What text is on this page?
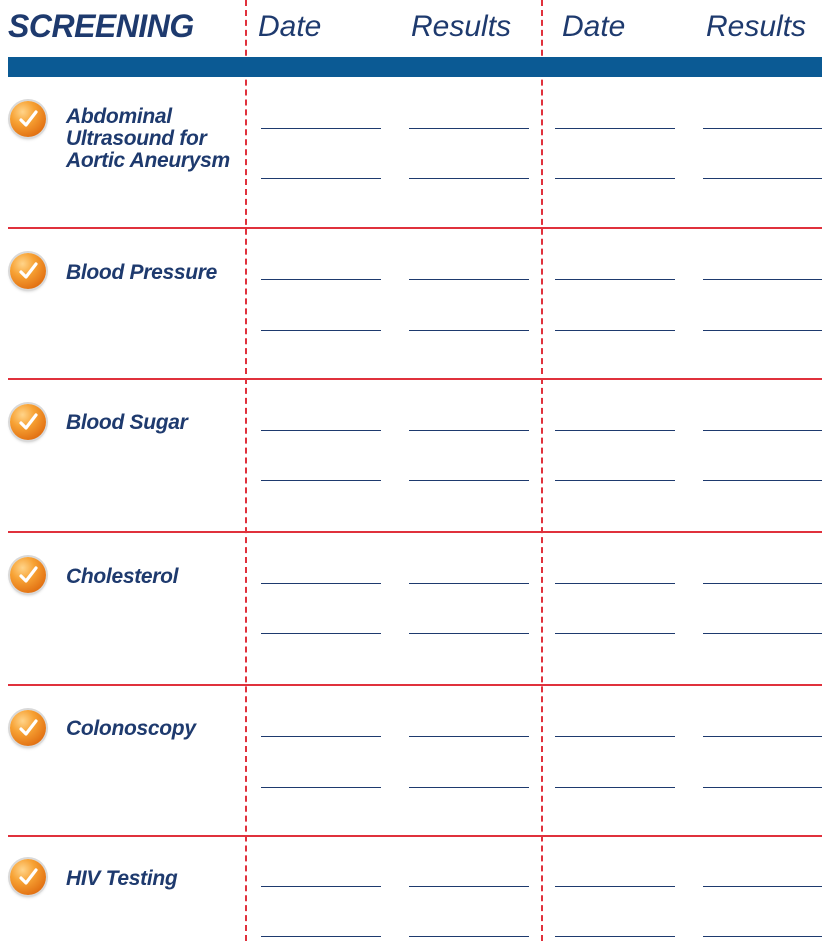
SCREENING Date	Results Date	Results
Abdominal Ultrasound for Aortic Aneurysm
Blood Pressure
Blood Sugar
Cholesterol
Colonoscopy
HIV Testing
